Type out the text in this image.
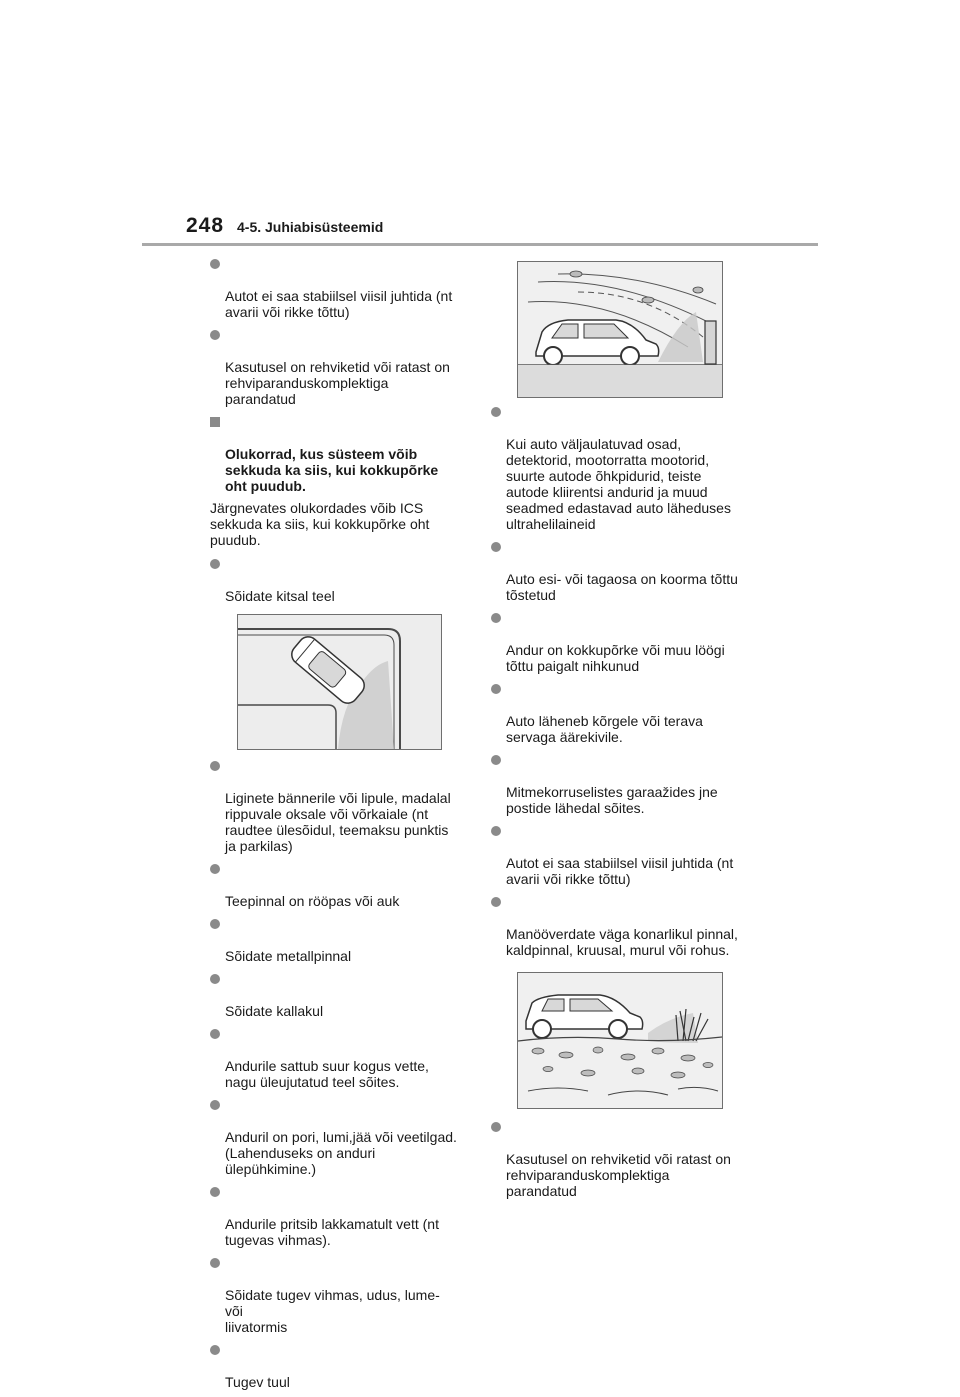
248 4-5. Juhiabisüsteemid

Autot ei saa stabiilsel viisil juhtida (nt
avarii või rikke tõttu)

Kasutusel on rehviketid või ratast on
rehviparanduskomplektiga
parandatud

Olukorrad, kus süsteem võib
sekkuda ka siis, kui kokkupõrke
oht puudub.

Järgnevates olukordades võib ICS
sekkuda ka siis, kui kokkupõrke oht
puudub.

Sõidate kitsal teel

Liginete bännerile või lipule, madalal
rippuvale oksale või võrkaiale (nt
raudtee ülesõidul, teemaksu punktis
ja parkilas)

Teepinnal on rööpas või auk

Sõidate metallpinnal

Sõidate kallakul

Andurile sattub suur kogus vette,
nagu üleujutatud teel sõites.

Anduril on pori, lumi,jää või veetilgad.
(Lahenduseks on anduri
ülepühkimine.)

Andurile pritsib lakkamatult vett (nt
tugevas vihmas).

Sõidate tugev vihmas, udus, lume- või
liivatormis

Tugev tuul

Kui auto väljaulatuvad osad,
detektorid, mootorratta mootorid,
suurte autode õhkpidurid, teiste
autode kliirentsi andurid ja muud
seadmed edastavad auto läheduses
ultrahelilaineid

Auto esi- või tagaosa on koorma tõttu
tõstetud

Andur on kokkupõrke või muu löögi
tõttu paigalt nihkunud

Auto läheneb kõrgele või terava
servaga äärekivile.

Mitmekorruselistes garaažides jne
postide lähedal sõites.

Autot ei saa stabiilsel viisil juhtida (nt
avarii või rikke tõttu)

Manööverdate väga konarlikul pinnal,
kaldpinnal, kruusal, murul või rohus.

Kasutusel on rehviketid või ratast on
rehviparanduskomplektiga
parandatud
